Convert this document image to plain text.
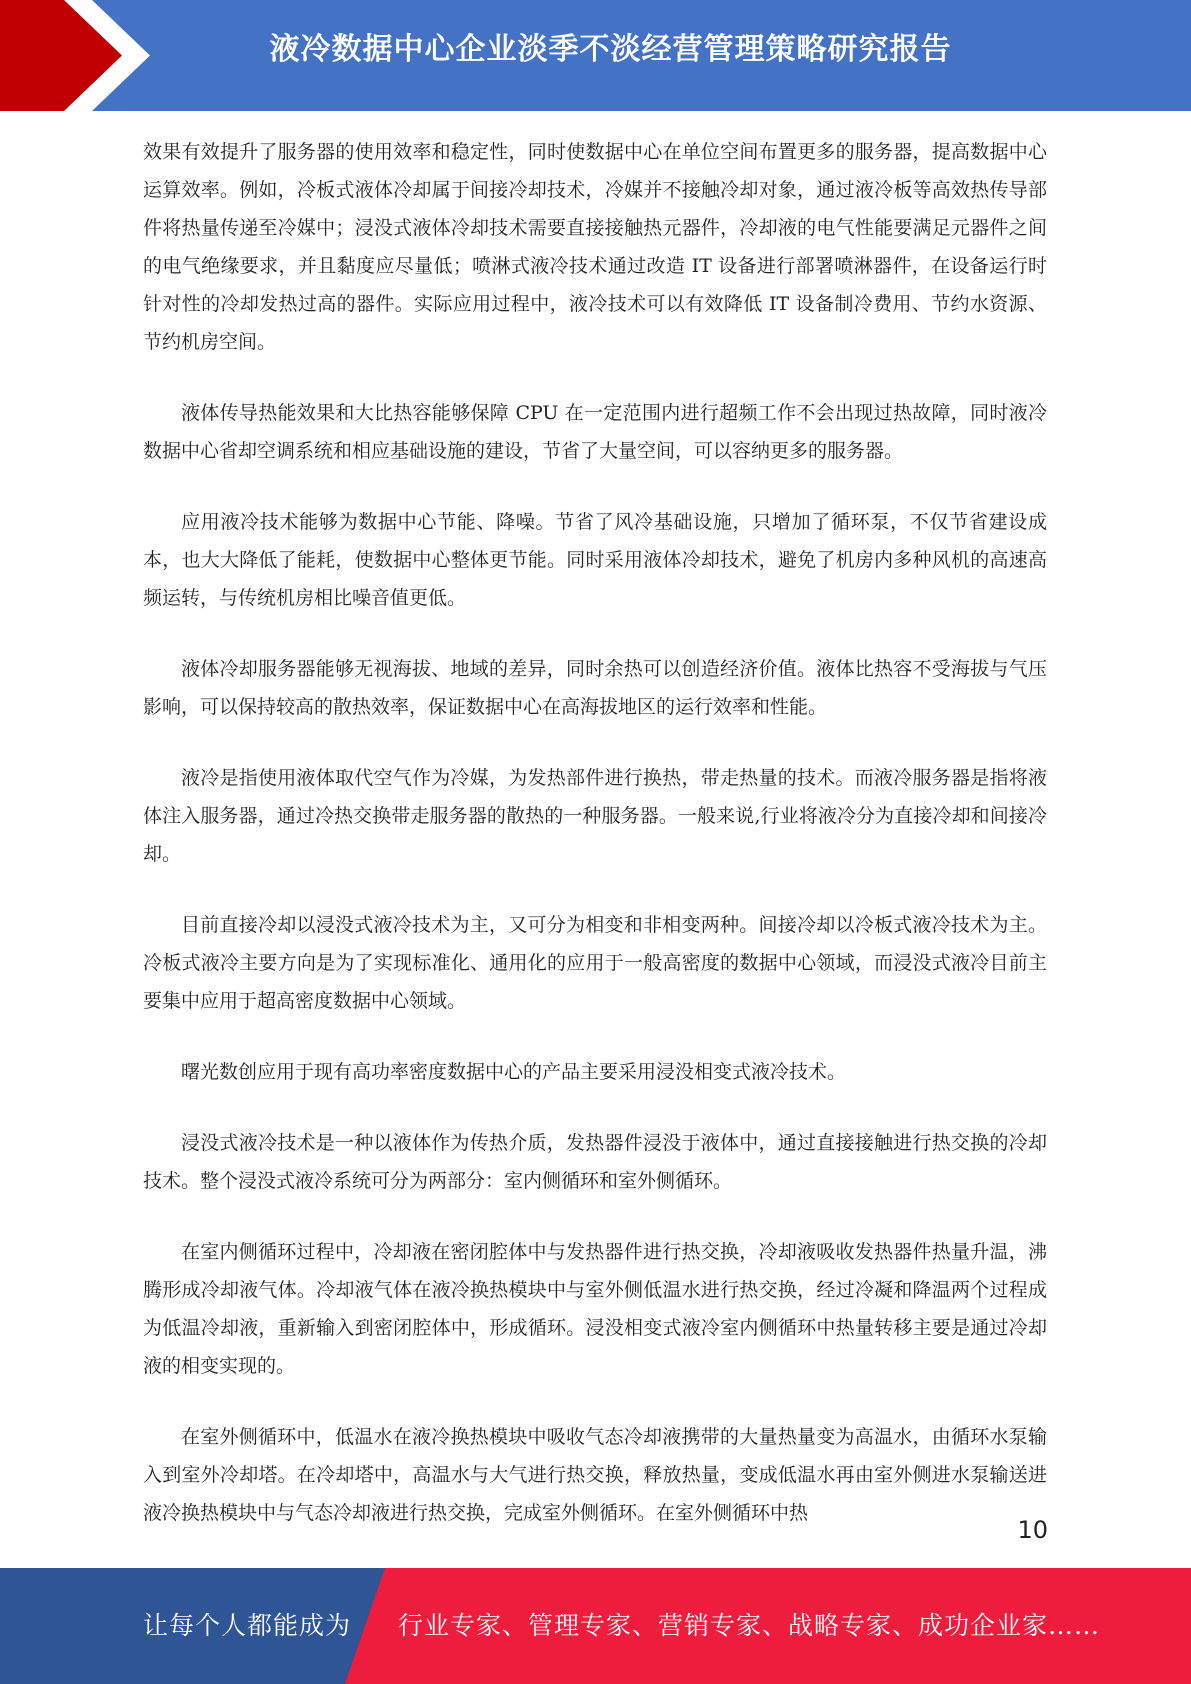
液冷数据中心企业淡季不淡经营管理策略研究报告

效果有效提升了服务器的使用效率和稳定性，同时使数据中心在单位空间布置更多的服务器，提高数据中心运算效率。例如，冷板式液体冷却属于间接冷却技术，冷媒并不接触冷却对象，通过液冷板等高效热传导部件将热量传递至冷媒中；浸没式液体冷却技术需要直接接触热元器件，冷却液的电气性能要满足元器件之间的电气绝缘要求，并且黏度应尽量低；喷淋式液冷技术通过改造 IT 设备进行部署喷淋器件，在设备运行时针对性的冷却发热过高的器件。实际应用过程中，液冷技术可以有效降低 IT 设备制冷费用、节约水资源、节约机房空间。

液体传导热能效果和大比热容能够保障 CPU 在一定范围内进行超频工作不会出现过热故障，同时液冷数据中心省却空调系统和相应基础设施的建设，节省了大量空间，可以容纳更多的服务器。

应用液冷技术能够为数据中心节能、降噪。节省了风冷基础设施，只增加了循环泵，不仅节省建设成本，也大大降低了能耗，使数据中心整体更节能。同时采用液体冷却技术，避免了机房内多种风机的高速高频运转，与传统机房相比噪音值更低。

液体冷却服务器能够无视海拔、地域的差异，同时余热可以创造经济价值。液体比热容不受海拔与气压影响，可以保持较高的散热效率，保证数据中心在高海拔地区的运行效率和性能。

液冷是指使用液体取代空气作为冷媒，为发热部件进行换热，带走热量的技术。而液冷服务器是指将液体注入服务器，通过冷热交换带走服务器的散热的一种服务器。一般来说,行业将液冷分为直接冷却和间接冷却。

目前直接冷却以浸没式液冷技术为主，又可分为相变和非相变两种。间接冷却以冷板式液冷技术为主。冷板式液冷主要方向是为了实现标准化、通用化的应用于一般高密度的数据中心领域，而浸没式液冷目前主要集中应用于超高密度数据中心领域。

曙光数创应用于现有高功率密度数据中心的产品主要采用浸没相变式液冷技术。

浸没式液冷技术是一种以液体作为传热介质，发热器件浸没于液体中，通过直接接触进行热交换的冷却技术。整个浸没式液冷系统可分为两部分：室内侧循环和室外侧循环。

在室内侧循环过程中，冷却液在密闭腔体中与发热器件进行热交换，冷却液吸收发热器件热量升温，沸腾形成冷却液气体。冷却液气体在液冷换热模块中与室外侧低温水进行热交换，经过冷凝和降温两个过程成为低温冷却液，重新输入到密闭腔体中，形成循环。浸没相变式液冷室内侧循环中热量转移主要是通过冷却液的相变实现的。

在室外侧循环中，低温水在液冷换热模块中吸收气态冷却液携带的大量热量变为高温水，由循环水泵输入到室外冷却塔。在冷却塔中，高温水与大气进行热交换，释放热量，变成低温水再由室外侧进水泵输送进液冷换热模块中与气态冷却液进行热交换，完成室外侧循环。在室外侧循环中热

10
让每个人都能成为 行业专家、管理专家、营销专家、战略专家、成功企业家……
